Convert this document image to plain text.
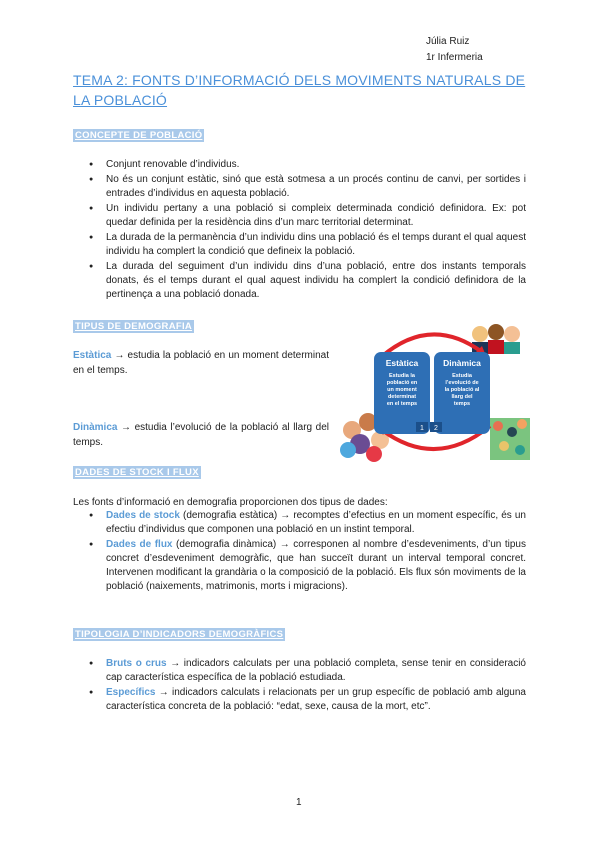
Júlia Ruiz
1r Infermeria
TEMA 2: FONTS D’INFORMACIÓ DELS MOVIMENTS NATURALS DE LA POBLACIÓ
CONCEPTE DE POBLACIÓ
● Conjunt renovable d’individus.
● No és un conjunt estàtic, sinó que està sotmesa a un procés continu de canvi, per sortides i entrades d’individus en aquesta població.
● Un individu pertany a una població si compleix determinada condició definidora. Ex: pot quedar definida per la residència dins d’un marc territorial determinat.
● La durada de la permanència d’un individu dins una població és el temps durant el qual aquest individu ha complert la condició que defineix la població.
● La durada del seguiment d’un individu dins d’una població, entre dos instants temporals donats, és el temps durant el qual aquest individu ha complert la condició definidora de la pertinença a una població donada.
TIPUS DE DEMOGRAFIA
Estàtica → estudia la població en un moment determinat en el temps.
Dinàmica → estudia l’evolució de la població al llarg del temps.
Estàtica	Dinàmica
Estudia la
població en
un moment
determinat
en el temps
Estudia
l’evolució de
la població al
llarg del
temps
1 2
DADES DE STOCK I FLUX
Les fonts d’informació en demografia proporcionen dos tipus de dades:
● Dades de stock (demografia estàtica) → recomptes d’efectius en un moment específic, és un efectiu d’individus que componen una població en un instint temporal.
● Dades de flux (demografia dinàmica) → corresponen al nombre d’esdeveniments, d’un tipus concret d’esdeveniment demogràfic, que han succeït durant un interval temporal concret. Intervenen modificant la grandària o la composició de la població. Els flux són moviments de la població (naixements, matrimonis, morts i migracions).
TIPOLOGIA D’INDICADORS DEMOGRÀFICS
● Bruts o crus → indicadors calculats per una població completa, sense tenir en consideració cap característica específica de la població estudiada.
● Específics → indicadors calculats i relacionats per un grup específic de població amb alguna característica concreta de la població: “edat, sexe, causa de la mort, etc”.
1
